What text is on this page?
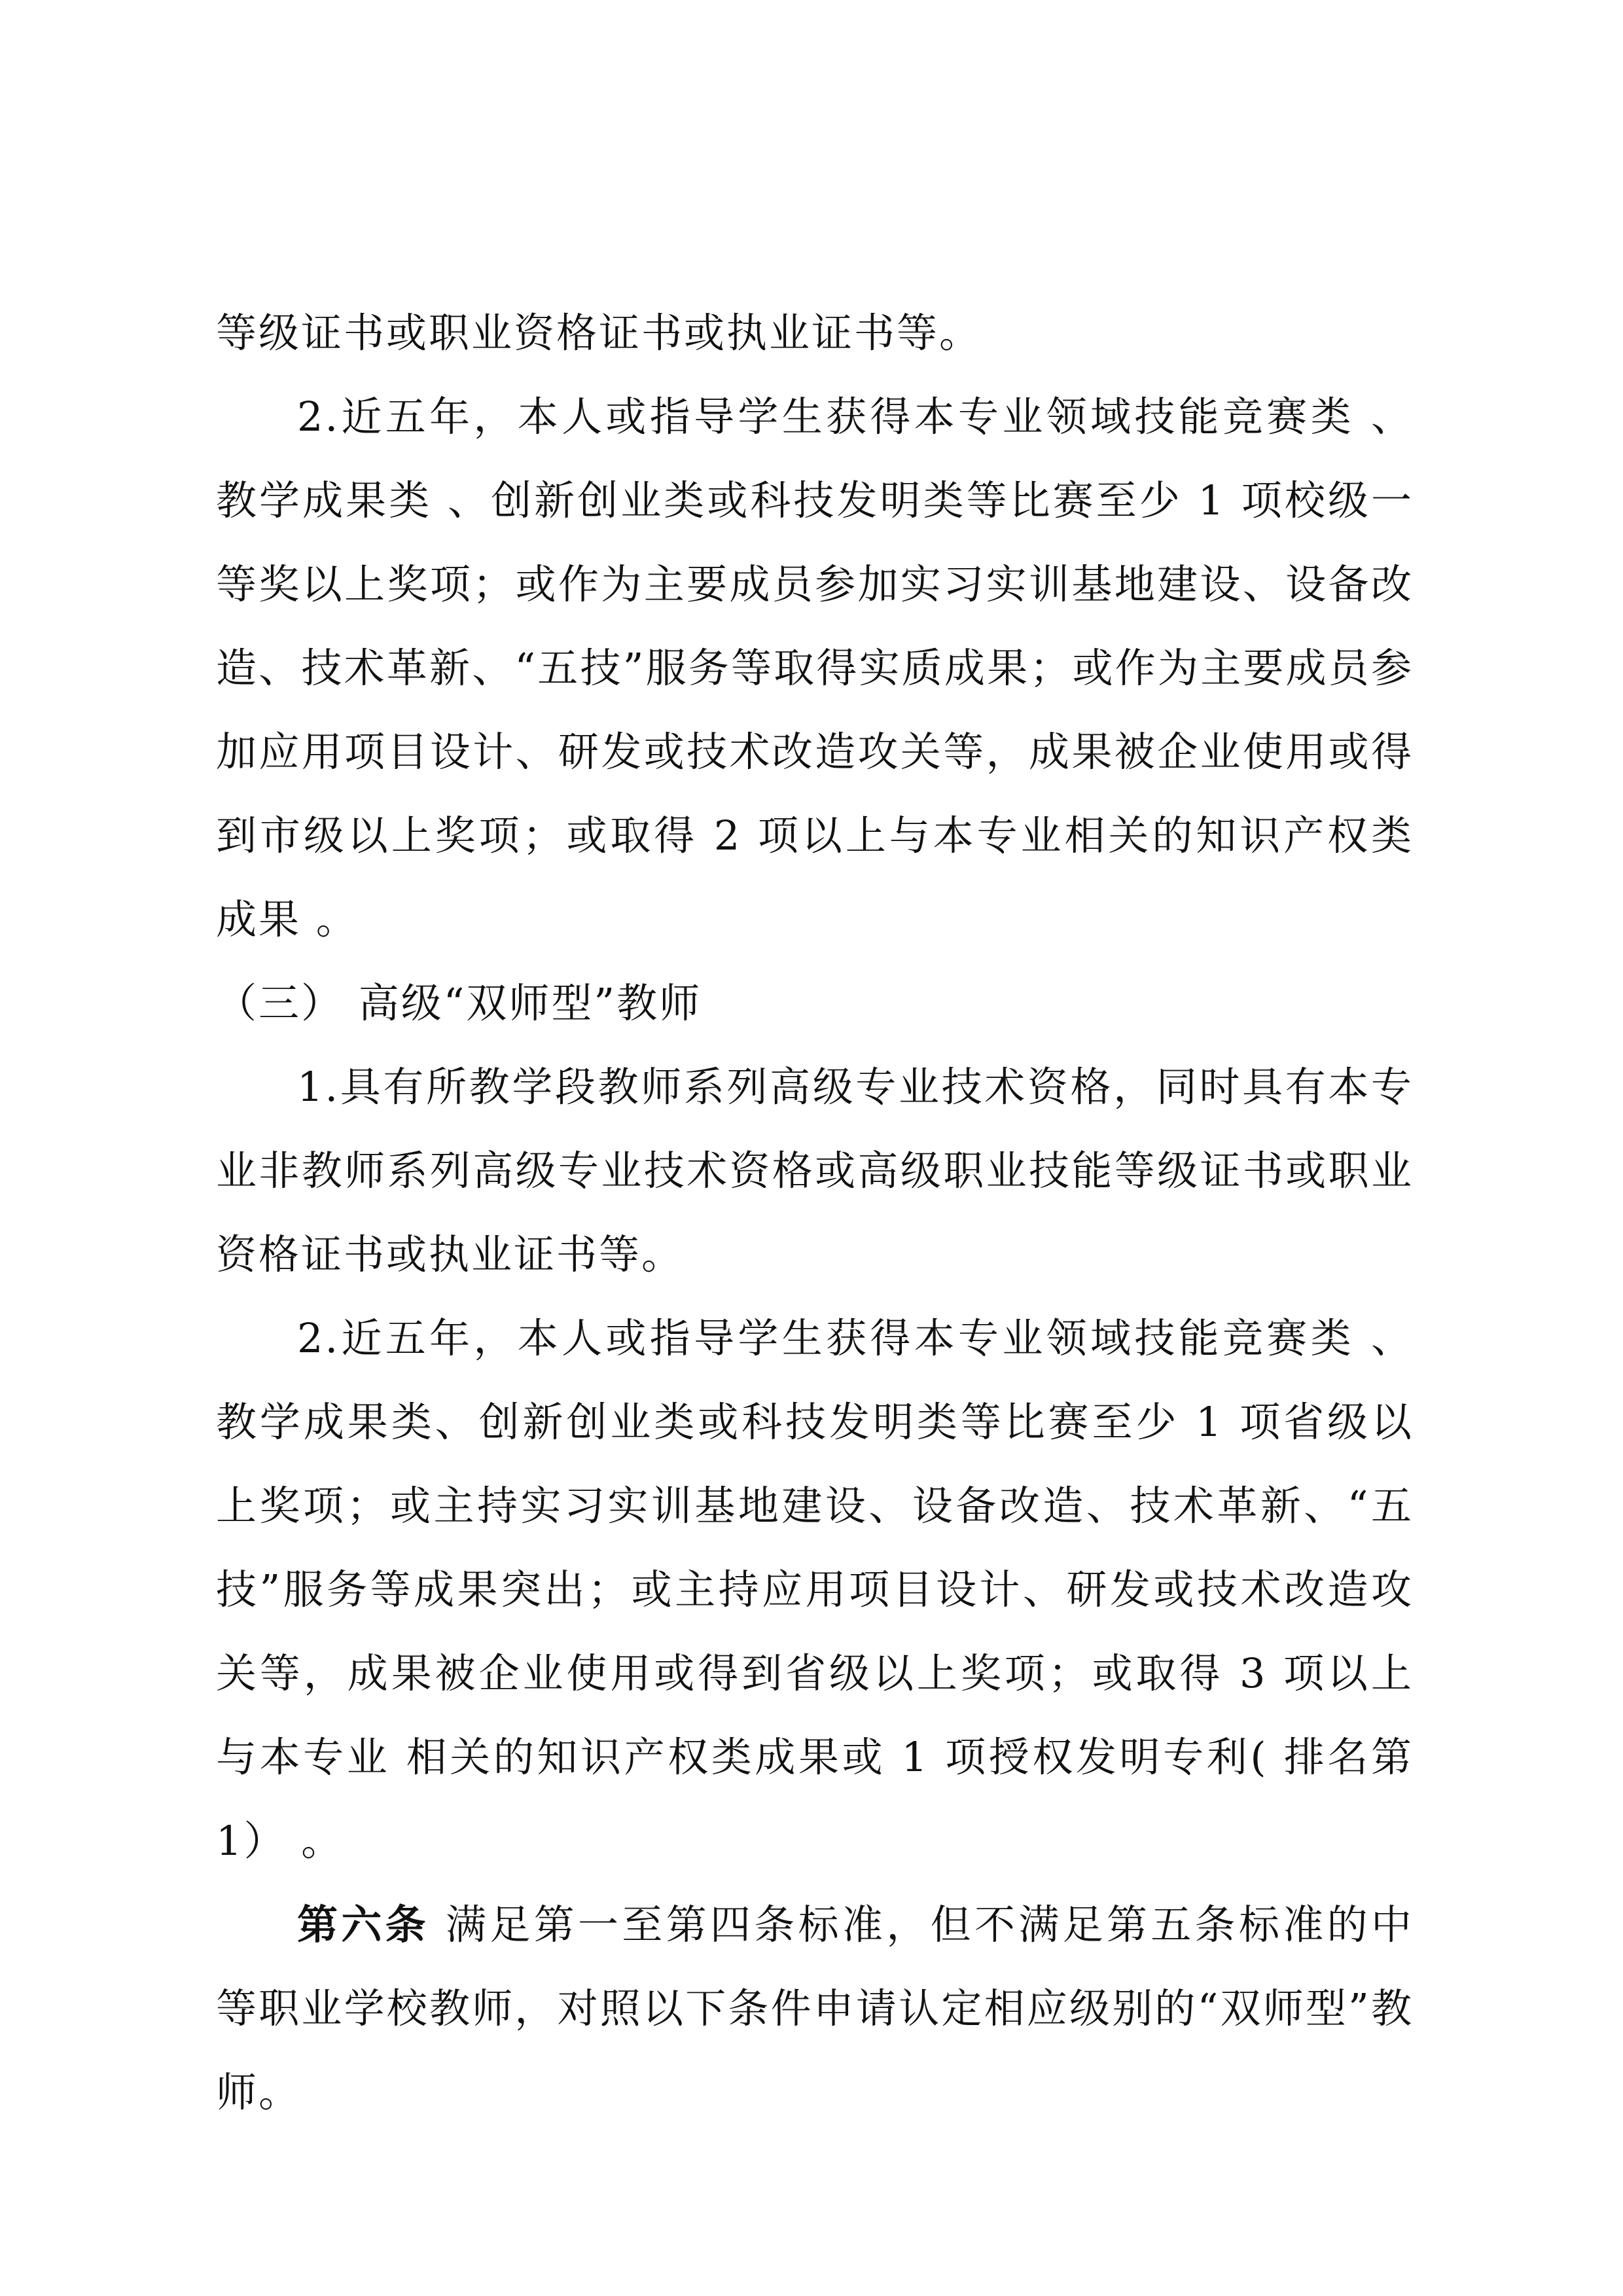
等级证书或职业资格证书或执业证书等。

2.近五年，本人或指导学生获得本专业领域技能竞赛类 、教学成果类 、创新创业类或科技发明类等比赛至少 1 项校级一等奖以上奖项；或作为主要成员参加实习实训基地建设、设备改造、技术革新、“五技”服务等取得实质成果；或作为主要成员参加应用项目设计、研发或技术改造攻关等，成果被企业使用或得到市级以上奖项；或取得 2 项以上与本专业相关的知识产权类成果 。

（三） 高级“双师型”教师

1.具有所教学段教师系列高级专业技术资格，同时具有本专业非教师系列高级专业技术资格或高级职业技能等级证书或职业资格证书或执业证书等。

2.近五年，本人或指导学生获得本专业领域技能竞赛类 、教学成果类、创新创业类或科技发明类等比赛至少 1 项省级以上奖项；或主持实习实训基地建设、设备改造、技术革新、“五技”服务等成果突出；或主持应用项目设计、研发或技术改造攻关等，成果被企业使用或得到省级以上奖项；或取得 3 项以上与本专业 相关的知识产权类成果或 1 项授权发明专利( 排名第 1） 。

第六条 满足第一至第四条标准，但不满足第五条标准的中等职业学校教师，对照以下条件申请认定相应级别的“双师型”教师。
